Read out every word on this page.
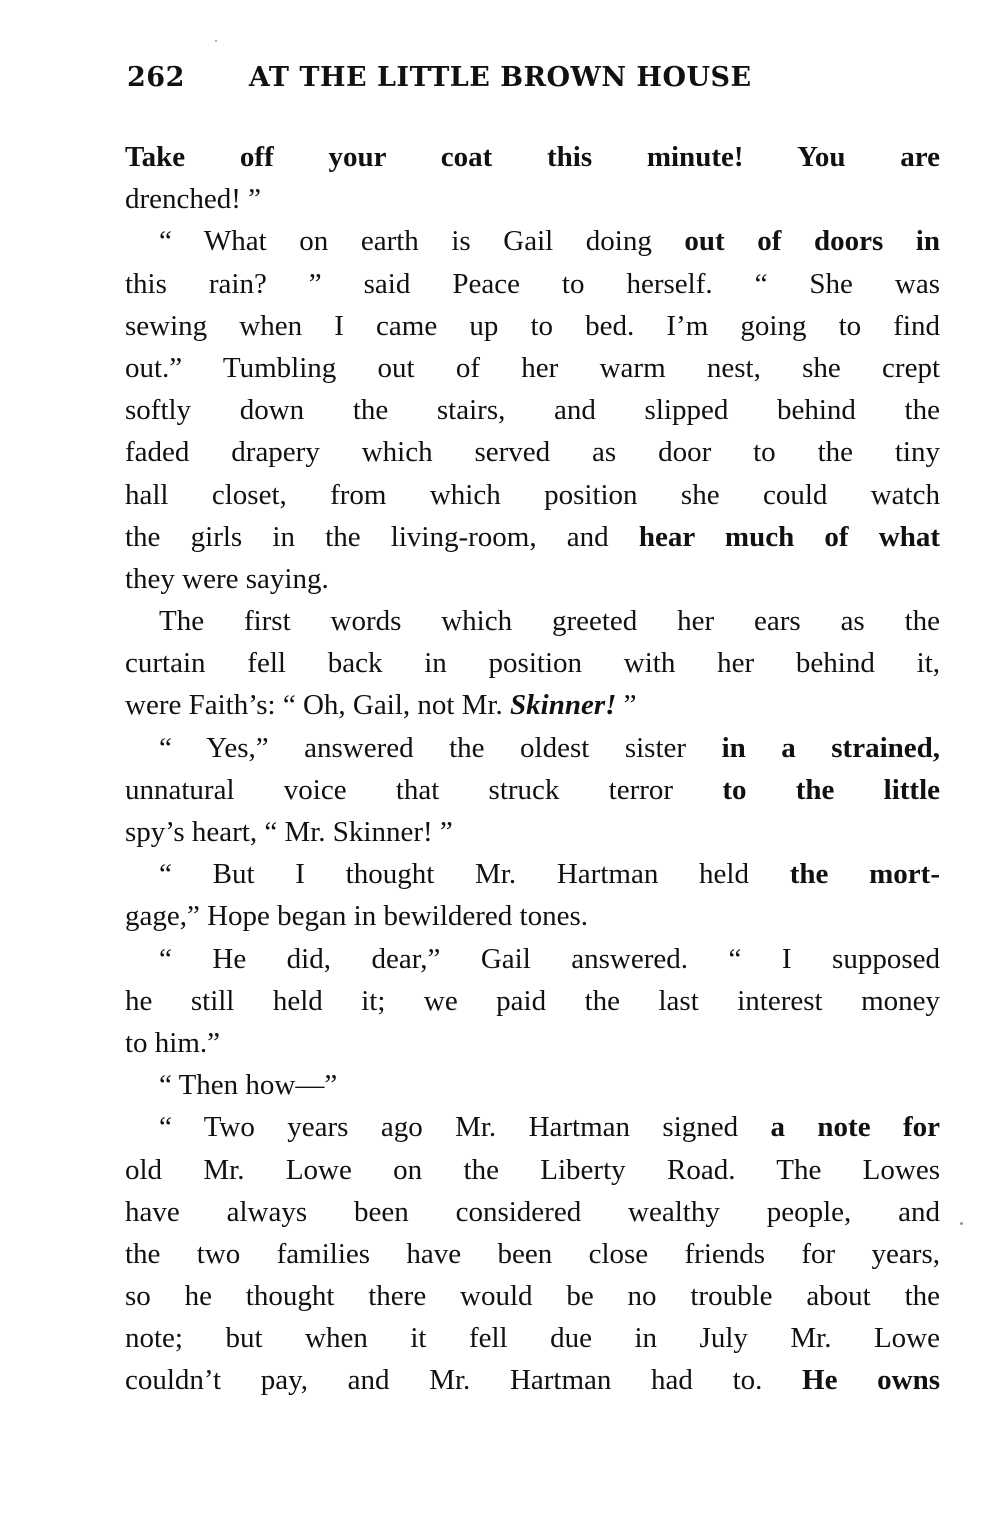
262 AT THE LITTLE BROWN HOUSE
Take off your coat this minute! You are
drenched! ”
“ What on earth is Gail doing out of doors in
this rain? ” said Peace to herself. “ She was
sewing when I came up to bed. I’m going to find
out.” Tumbling out of her warm nest, she crept
softly down the stairs, and slipped behind the
faded drapery which served as door to the tiny
hall closet, from which position she could watch
the girls in the living-room, and hear much of what
they were saying.
The first words which greeted her ears as the
curtain fell back in position with her behind it,
were Faith’s: “ Oh, Gail, not Mr. Skinner! ”
“ Yes,” answered the oldest sister in a strained,
unnatural voice that struck terror to the little
spy’s heart, “ Mr. Skinner! ”
“ But I thought Mr. Hartman held the mort-
gage,” Hope began in bewildered tones.
“ He did, dear,” Gail answered. “ I supposed
he still held it; we paid the last interest money
to him.”
“ Then how—”
“ Two years ago Mr. Hartman signed a note for
old Mr. Lowe on the Liberty Road. The Lowes
have always been considered wealthy people, and
the two families have been close friends for years,
so he thought there would be no trouble about the
note; but when it fell due in July Mr. Lowe
couldn’t pay, and Mr. Hartman had to. He owns
